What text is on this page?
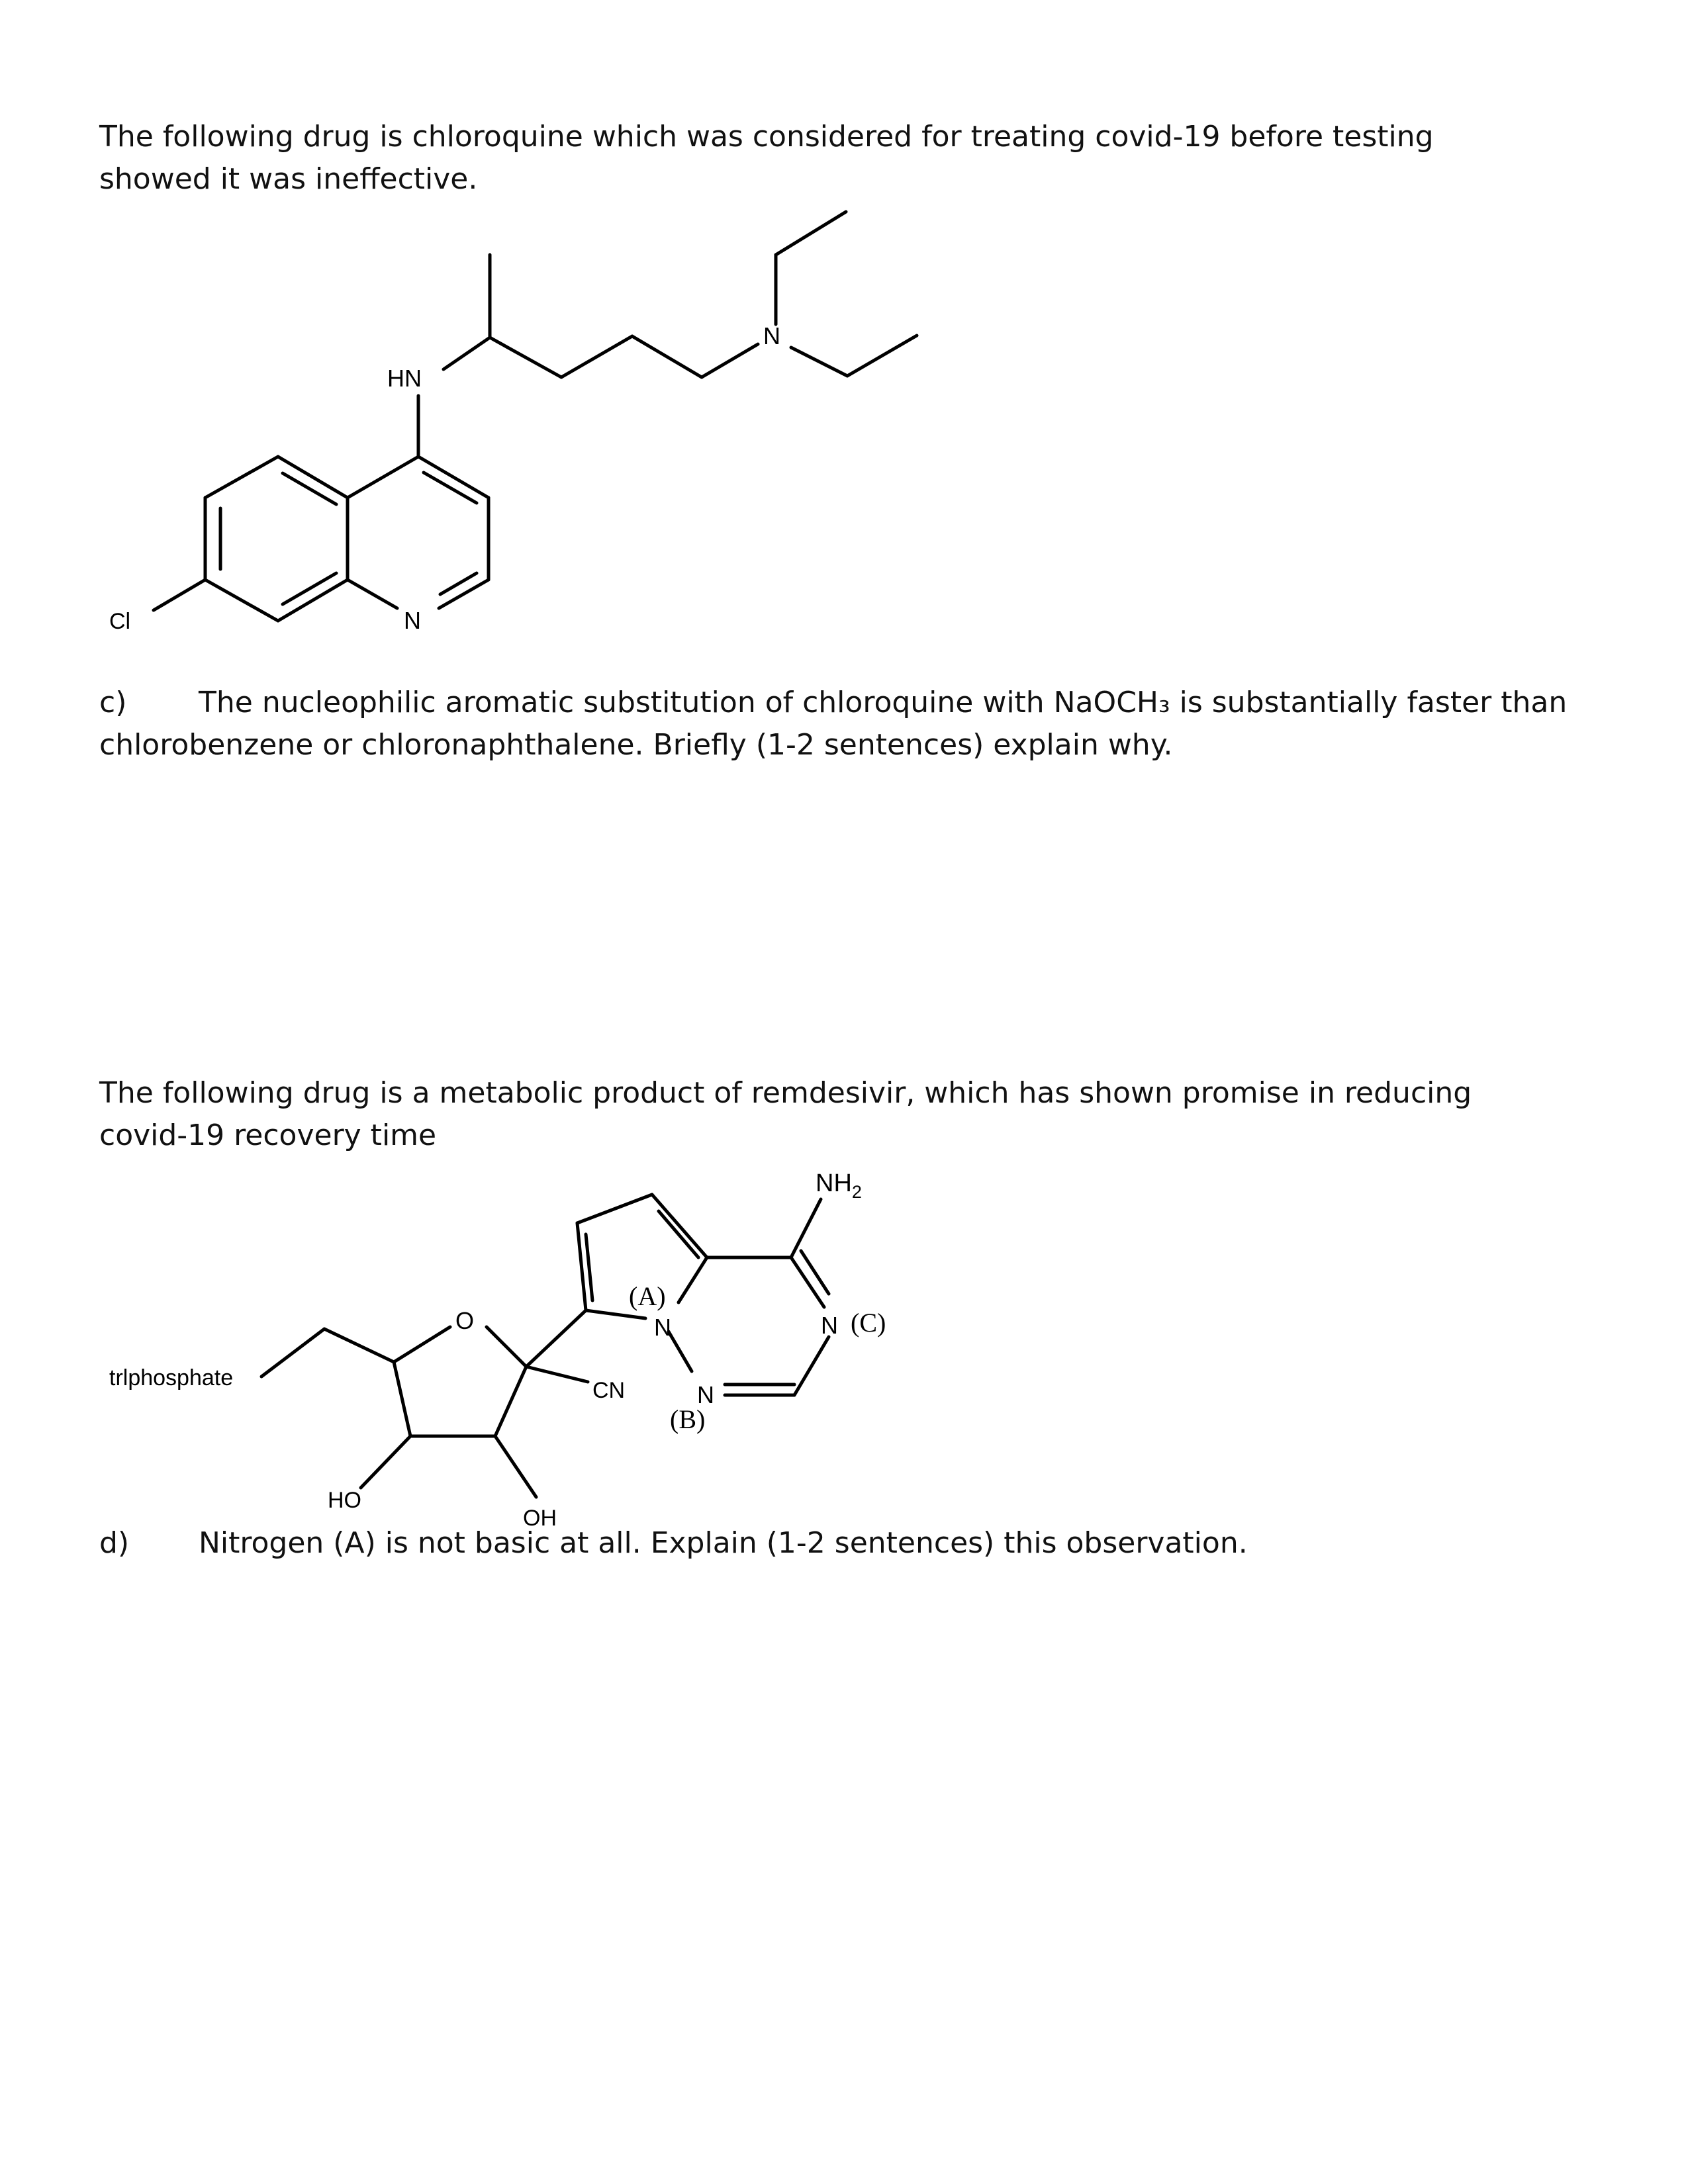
The following drug is chloroquine which was considered for treating covid-19 before testing
showed it was ineffective.

HN
N
N
Cl

c) The nucleophilic aromatic substitution of chloroquine with NaOCH₃ is substantially faster than
chlorobenzene or chloronaphthalene. Briefly (1-2 sentences) explain why.

The following drug is a metabolic product of remdesivir, which has shown promise in reducing
covid-19 recovery time

$NH_2$
O	N
(A)
N
(B)
N (C)
CN
HO
OH
trlphosphate

d) Nitrogen (A) is not basic at all. Explain (1-2 sentences) this observation.
